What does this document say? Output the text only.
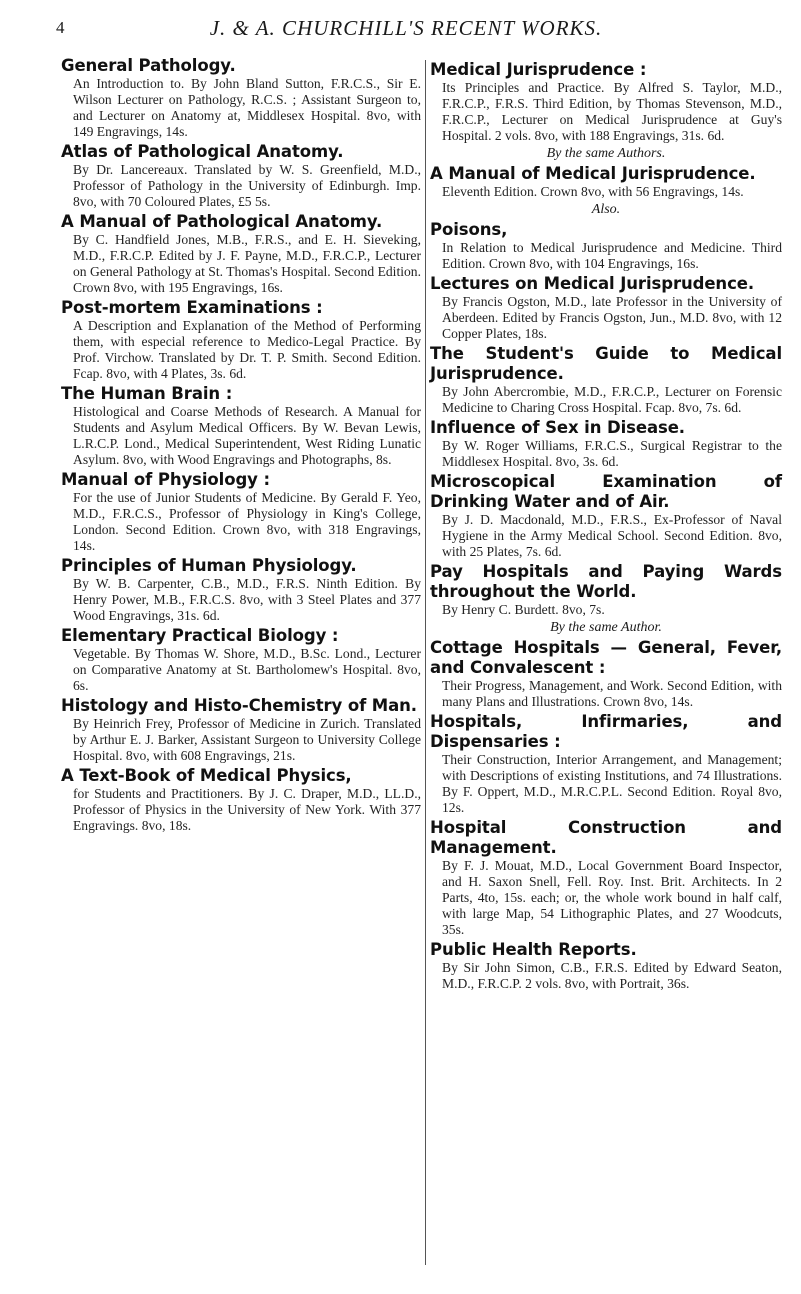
4	J. & A. CHURCHILL'S RECENT WORKS.
General Pathology.
An Introduction to. By John Bland Sutton, F.R.C.S., Sir E. Wilson Lecturer on Pathology, R.C.S. ; Assistant Surgeon to, and Lecturer on Anatomy at, Middlesex Hospital. 8vo, with 149 Engravings, 14s.
Atlas of Pathological Anatomy.
By Dr. Lancereaux. Translated by W. S. Greenfield, M.D., Professor of Pathology in the University of Edinburgh. Imp. 8vo, with 70 Coloured Plates, £5 5s.
A Manual of Pathological Anatomy.
By C. Handfield Jones, M.B., F.R.S., and E. H. Sieveking, M.D., F.R.C.P. Edited by J. F. Payne, M.D., F.R.C.P., Lecturer on General Pathology at St. Thomas's Hospital. Second Edition. Crown 8vo, with 195 Engravings, 16s.
Post-mortem Examinations :
A Description and Explanation of the Method of Performing them, with especial reference to Medico-Legal Practice. By Prof. Virchow. Translated by Dr. T. P. Smith. Second Edition. Fcap. 8vo, with 4 Plates, 3s. 6d.
The Human Brain :
Histological and Coarse Methods of Research. A Manual for Students and Asylum Medical Officers. By W. Bevan Lewis, L.R.C.P. Lond., Medical Superintendent, West Riding Lunatic Asylum. 8vo, with Wood Engravings and Photographs, 8s.
Manual of Physiology :
For the use of Junior Students of Medicine. By Gerald F. Yeo, M.D., F.R.C.S., Professor of Physiology in King's College, London. Second Edition. Crown 8vo, with 318 Engravings, 14s.
Principles of Human Physiology.
By W. B. Carpenter, C.B., M.D., F.R.S. Ninth Edition. By Henry Power, M.B., F.R.C.S. 8vo, with 3 Steel Plates and 377 Wood Engravings, 31s. 6d.
Elementary Practical Biology :
Vegetable. By Thomas W. Shore, M.D., B.Sc. Lond., Lecturer on Comparative Anatomy at St. Bartholomew's Hospital. 8vo, 6s.
Histology and Histo-Chemistry of Man.
By Heinrich Frey, Professor of Medicine in Zurich. Translated by Arthur E. J. Barker, Assistant Surgeon to University College Hospital. 8vo, with 608 Engravings, 21s.
A Text-Book of Medical Physics,
for Students and Practitioners. By J. C. Draper, M.D., LL.D., Professor of Physics in the University of New York. With 377 Engravings. 8vo, 18s.
Medical Jurisprudence :
Its Principles and Practice. By Alfred S. Taylor, M.D., F.R.C.P., F.R.S. Third Edition, by Thomas Stevenson, M.D., F.R.C.P., Lecturer on Medical Jurisprudence at Guy's Hospital. 2 vols. 8vo, with 188 Engravings, 31s. 6d.
By the same Authors.
A Manual of Medical Jurisprudence.
Eleventh Edition. Crown 8vo, with 56 Engravings, 14s.
Also.
Poisons,
In Relation to Medical Jurisprudence and Medicine. Third Edition. Crown 8vo, with 104 Engravings, 16s.
Lectures on Medical Jurisprudence.
By Francis Ogston, M.D., late Professor in the University of Aberdeen. Edited by Francis Ogston, Jun., M.D. 8vo, with 12 Copper Plates, 18s.
The Student's Guide to Medical Jurisprudence.
By John Abercrombie, M.D., F.R.C.P., Lecturer on Forensic Medicine to Charing Cross Hospital. Fcap. 8vo, 7s. 6d.
Influence of Sex in Disease.
By W. Roger Williams, F.R.C.S., Surgical Registrar to the Middlesex Hospital. 8vo, 3s. 6d.
Microscopical Examination of Drinking Water and of Air.
By J. D. Macdonald, M.D., F.R.S., Ex-Professor of Naval Hygiene in the Army Medical School. Second Edition. 8vo, with 25 Plates, 7s. 6d.
Pay Hospitals and Paying Wards throughout the World.
By Henry C. Burdett. 8vo, 7s.
By the same Author.
Cottage Hospitals — General, Fever, and Convalescent :
Their Progress, Management, and Work. Second Edition, with many Plans and Illustrations. Crown 8vo, 14s.
Hospitals, Infirmaries, and Dispensaries :
Their Construction, Interior Arrangement, and Management; with Descriptions of existing Institutions, and 74 Illustrations. By F. Oppert, M.D., M.R.C.P.L. Second Edition. Royal 8vo, 12s.
Hospital Construction and Management.
By F. J. Mouat, M.D., Local Government Board Inspector, and H. Saxon Snell, Fell. Roy. Inst. Brit. Architects. In 2 Parts, 4to, 15s. each; or, the whole work bound in half calf, with large Map, 54 Lithographic Plates, and 27 Woodcuts, 35s.
Public Health Reports.
By Sir John Simon, C.B., F.R.S. Edited by Edward Seaton, M.D., F.R.C.P. 2 vols. 8vo, with Portrait, 36s.
